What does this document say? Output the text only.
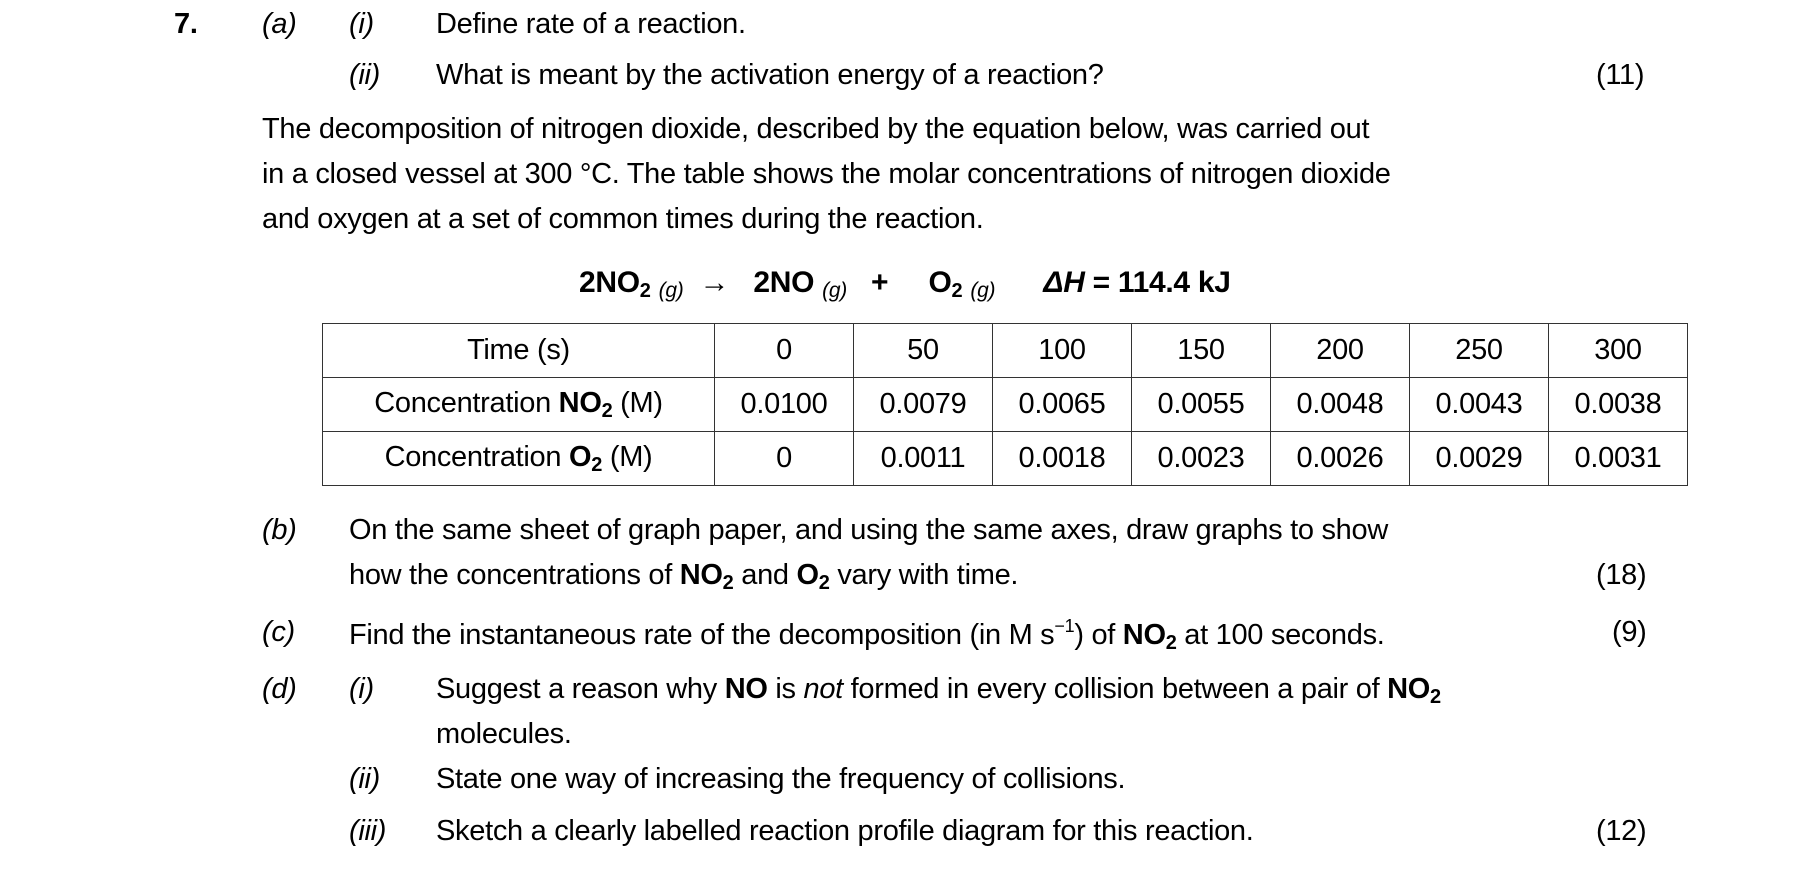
7. (a) (i) Define rate of a reaction.
(ii) What is meant by the activation energy of a reaction?	(11)
The decomposition of nitrogen dioxide, described by the equation below, was carried out
in a closed vessel at 300 °C. The table shows the molar concentrations of nitrogen dioxide
and oxygen at a set of common times during the reaction.
$2NO_2$ (g) → 2NO $(g) + O_2$ (g) ΔH = 114.4 kJ
Time (s)	0	50	100	150	200	250	300
Concentration $NO_2$ (M)	0.0100	0.0079	0.0065	0.0055	0.0048	0.0043	0.0038
Concentration $O_2$ (M)	0	0.0011	0.0018	0.0023	0.0026	0.0029	0.0031
(b) On the same sheet of graph paper, and using the same axes, draw graphs to show
how the concentrations of $NO_2$ and $O_2$ vary with time.	(18)
(c) Find the instantaneous rate of the decomposition (in M $s^{-1}$) of $NO_2$ at 100 seconds.	(9)
(d) (i) Suggest a reason why NO is not formed in every collision between a pair of $NO_2$
molecules.
(ii) State one way of increasing the frequency of collisions.
(iii) Sketch a clearly labelled reaction profile diagram for this reaction.	(12)
